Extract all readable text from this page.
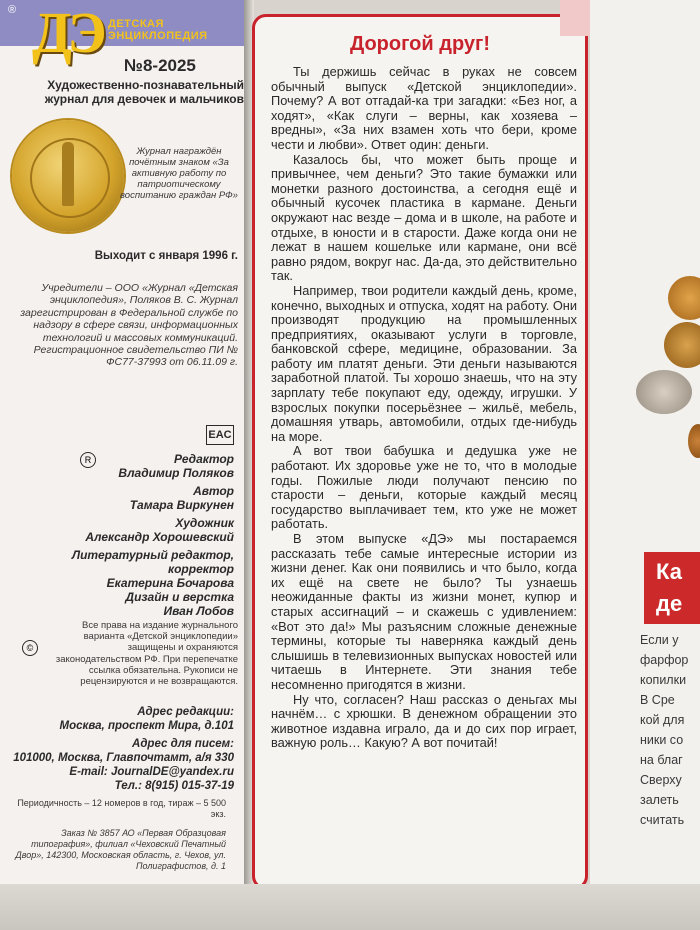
® ДЭ ДЕТСКАЯ
ЭНЦИКЛОПЕДИЯ
№8-2025
Художественно-познавательный журнал для девочек и мальчиков
Журнал награждён почётным знаком «За активную работу по патриотическому воспитанию граждан РФ»
Выходит с января 1996 г.
Учредители – ООО «Журнал «Детская энциклопедия», Поляков В. С. Журнал зарегистрирован в Федеральной службе по надзору в сфере связи, информационных технологий и массовых коммуникаций. Регистрационное свидетельство ПИ № ФС77-37993 от 06.11.09 г.
EAC
R	Редактор
Владимир Поляков
Автор
Тамара Виркунен
Художник
Александр Хорошевский
Литературный редактор, корректор
Екатерина Бочарова
Дизайн и верстка
Иван Лобов
©
Все права на издание журнального варианта «Детской энциклопедии» защищены и охраняются законодательством РФ. При перепечатке ссылка обязательна. Рукописи не рецензируются и не возвращаются.
Адрес редакции:
Москва, проспект Мира, д.101
Адрес для писем:
101000, Москва, Главпочтамт, а/я 330
E-mail: JournalDE@yandex.ru
Тел.: 8(915) 015-37-19
Периодичность – 12 номеров в год, тираж – 5 500 экз.
Заказ № 3857 АО «Первая Образцовая типография», филиал «Чеховский Печатный Двор», 142300, Московская область, г. Чехов, ул. Полиграфистов, д. 1
Дорогой друг!

Ты держишь сейчас в руках не совсем обычный выпуск «Детской энциклопедии». Почему? А вот отгадай-ка три загадки: «Без ног, а ходят», «Как слуги – верны, как хозяева – вредны», «За них взамен хоть что бери, кроме чести и любви». Ответ один: деньги.

Казалось бы, что может быть проще и привычнее, чем деньги? Это такие бумажки или монетки разного достоинства, а сегодня ещё и обычный кусочек пластика в кармане. Деньги окружают нас везде – дома и в школе, на работе и отдыхе, в юности и в старости. Даже когда они не лежат в нашем кошельке или кармане, они всё равно рядом, вокруг нас. Да-да, это действительно так.

Например, твои родители каждый день, кроме, конечно, выходных и отпуска, ходят на работу. Они производят продукцию на промышленных предприятиях, оказывают услуги в торговле, банковской сфере, медицине, образовании. За работу им платят деньги. Эти деньги называются заработной платой. Ты хорошо знаешь, что на эту зарплату тебе покупают еду, одежду, игрушки. У взрослых покупки посерьёзнее – жильё, мебель, домашняя утварь, автомобили, отдых где-нибудь на море.

А вот твои бабушка и дедушка уже не работают. Их здоровье уже не то, что в молодые годы. Пожилые люди получают пенсию по старости – деньги, которые каждый месяц государство выплачивает тем, кто уже не может работать.

В этом выпуске «ДЭ» мы постараемся рассказать тебе самые интересные истории из жизни денег. Как они появились и что было, когда их ещё на свете не было? Ты узнаешь неожиданные факты из жизни монет, купюр и старых ассигнаций – и скажешь с удивлением: «Вот это да!» Мы разъясним сложные денежные термины, которые ты наверняка каждый день слышишь в телевизионных выпусках новостей или читаешь в Интернете. Эти знания тебе несомненно пригодятся в жизни.

Ну что, согласен? Наш рассказ о деньгах мы начнём… с хрюшки. В денежном обращении это животное издавна играло, да и до сих пор играет, важную роль… Какую? А вот почитай!

Ка
де
Если у
фарфор
копилки
В Сре
кой для
ники со
на благ
Сверху
залеть
считать
